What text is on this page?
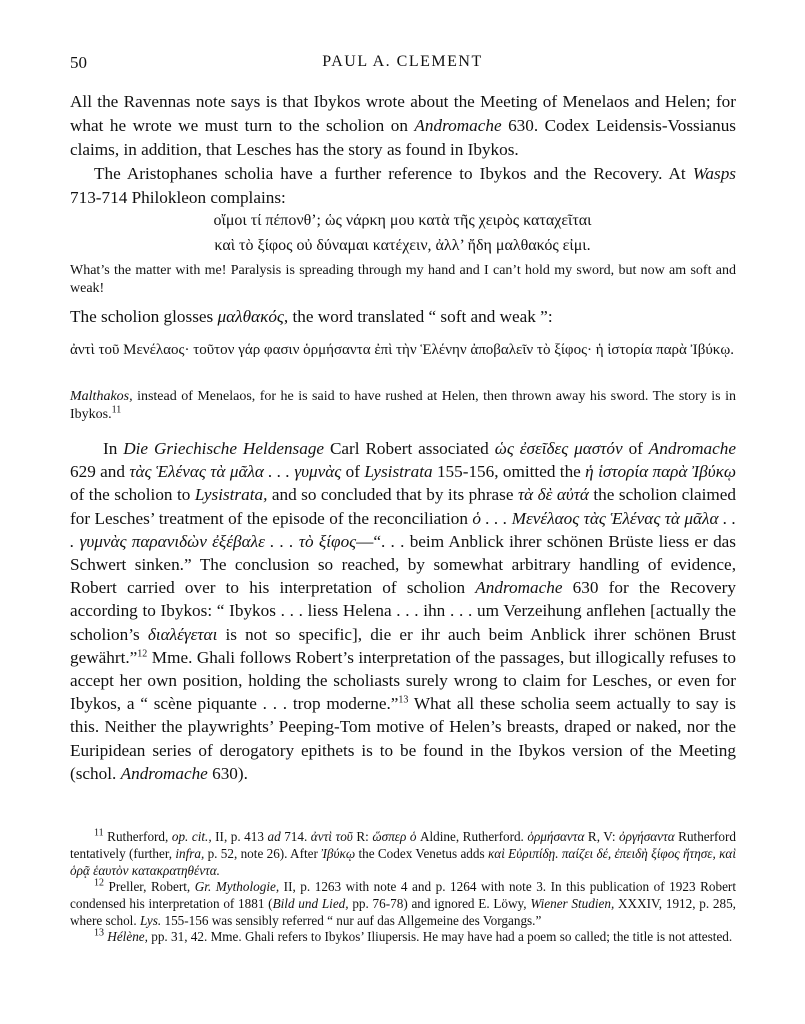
50	PAUL A. CLEMENT
All the Ravennas note says is that Ibykos wrote about the Meeting of Menelaos and Helen; for what he wrote we must turn to the scholion on Andromache 630. Codex Leidensis-Vossianus claims, in addition, that Lesches has the story as found in Ibykos.
The Aristophanes scholia have a further reference to Ibykos and the Recovery. At Wasps 713-714 Philokleon complains:
οἴμοι τί πέπονθ’; ὡς νάρκη μου κατὰ τῆς χειρὸς καταχεῖται
καὶ τὸ ξίφος οὐ δύναμαι κατέχειν, ἀλλ’ ἤδη μαλθακός εἰμι.
What’s the matter with me! Paralysis is spreading through my hand and I can’t hold my sword, but now am soft and weak!
The scholion glosses μαλθακός, the word translated “ soft and weak ”:
ἀντὶ τοῦ Μενέλαος· τοῦτον γάρ φασιν ὁρμήσαντα ἐπὶ τὴν Ἑλένην ἀποβαλεῖν τὸ ξίφος· ἡ ἱστορία παρὰ Ἰβύκῳ.
Malthakos, instead of Menelaos, for he is said to have rushed at Helen, then thrown away his sword. The story is in Ibykos.$^{11}$
In Die Griechische Heldensage Carl Robert associated ὡς ἐσεῖδες μαστόν of Andromache 629 and τὰς Ἑλένας τὰ μᾶλα . . . γυμνὰς of Lysistrata 155-156, omitted the ἡ ἱστορία παρὰ Ἰβύκῳ of the scholion to Lysistrata, and so concluded that by its phrase τὰ δὲ αὐτά the scholion claimed for Lesches’ treatment of the episode of the reconciliation ὁ . . . Μενέλαος τὰς Ἑλένας τὰ μᾶλα . . . γυμνὰς παρανιδὼν ἐξέβαλε . . . τὸ ξίφος—“. . . beim Anblick ihrer schönen Brüste liess er das Schwert sinken.” The conclusion so reached, by somewhat arbitrary handling of evidence, Robert carried over to his interpretation of scholion Andromache 630 for the Recovery according to Ibykos: “ Ibykos . . . liess Helena . . . ihn . . . um Verzeihung anflehen [actually the scholion’s διαλέγεται is not so specific], die er ihr auch beim Anblick ihrer schönen Brust gewährt.”$^{12}$ Mme. Ghali follows Robert’s interpretation of the passages, but illogically refuses to accept her own position, holding the scholiasts surely wrong to claim for Lesches, or even for Ibykos, a “ scène piquante . . . trop moderne.”$^{13}$ What all these scholia seem actually to say is this. Neither the playwrights’ Peeping-Tom motive of Helen’s breasts, draped or naked, nor the Euripidean series of derogatory epithets is to be found in the Ibykos version of the Meeting (schol. Andromache 630).

$^{11}$ Rutherford, op. cit., II, p. 413 ad 714. ἀντὶ τοῦ R: ὥσπερ ὁ Aldine, Rutherford. ὁρμήσαντα R, V: ὀργήσαντα Rutherford tentatively (further, infra, p. 52, note 26). After Ἰβύκῳ the Codex Venetus adds καὶ Εὐριπίδῃ. παίζει δέ, ἐπειδὴ ξίφος ἤτησε, καὶ ὁρᾷ ἑαυτὸν κατακρατηθέντα.

$^{12}$ Preller, Robert, Gr. Mythologie, II, p. 1263 with note 4 and p. 1264 with note 3. In this publication of 1923 Robert condensed his interpretation of 1881 (Bild und Lied, pp. 76-78) and ignored E. Löwy, Wiener Studien, XXXIV, 1912, p. 285, where schol. Lys. 155-156 was sensibly referred “ nur auf das Allgemeine des Vorgangs.”

$^{13}$ Hélène, pp. 31, 42. Mme. Ghali refers to Ibykos’ Iliupersis. He may have had a poem so called; the title is not attested.
